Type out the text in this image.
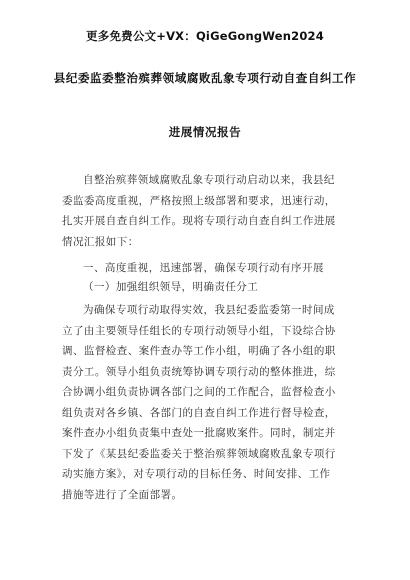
更多免费公文+VX：QiGeGongWen2024
县纪委监委整治殡葬领域腐败乱象专项行动自查自纠工作
进展情况报告
自整治殡葬领域腐败乱象专项行动启动以来，我县纪
委监委高度重视，严格按照上级部署和要求，迅速行动，
扎实开展自查自纠工作。现将专项行动自查自纠工作进展
情况汇报如下：
一、高度重视，迅速部署，确保专项行动有序开展
（一）加强组织领导，明确责任分工
为确保专项行动取得实效，我县纪委监委第一时间成
立了由主要领导任组长的专项行动领导小组，下设综合协
调、监督检查、案件查办等工作小组，明确了各小组的职
责分工。领导小组负责统筹协调专项行动的整体推进，综
合协调小组负责协调各部门之间的工作配合，监督检查小
组负责对各乡镇、各部门的自查自纠工作进行督导检查，
案件查办小组负责集中查处一批腐败案件。同时，制定并
下发了《某县纪委监委关于整治殡葬领域腐败乱象专项行
动实施方案》，对专项行动的目标任务、时间安排、工作
措施等进行了全面部署。
